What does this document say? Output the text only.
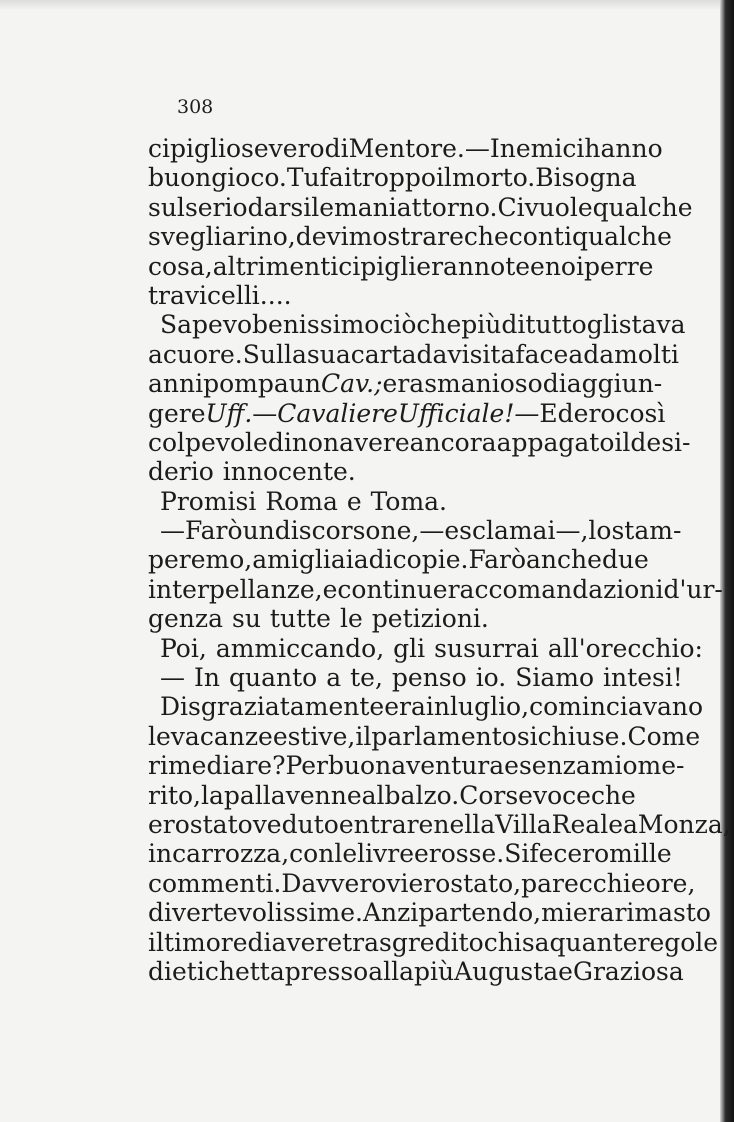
308
cipiglio severo di Mentore. — I nemici hanno
buon gioco. Tu fai troppo il morto. Bisogna
sul serio darsi le mani attorno. Ci vuole qualche
svegliarino, devi mostrare che conti qualche
cosa, altrimenti ci piglieranno te e noi per re
travicelli....
Sapevo benissimo ciò che più di tutto gli stava
a cuore. Sulla sua carta da visita facea da molti
anni pompa un Cav.; era smanioso di aggiun-
gere Uff. — Cavaliere Ufficiale! — Ed ero così
colpevole di non avere ancora appagato il desi-
derio innocente.
Promisi Roma e Toma.
— Farò un discorsone, — esclamai —, lo stam-
peremo, a migliaia di copie. Farò anche due
interpellanze, e continue raccomandazioni d'ur-
genza su tutte le petizioni.
Poi, ammiccando, gli susurrai all'orecchio:
— In quanto a te, penso io. Siamo intesi!
Disgraziatamente era in luglio, cominciavano
le vacanze estive, il parlamento si chiuse. Come
rimediare? Per buona ventura e senza mio me-
rito, la palla venne al balzo. Corse voce che
ero stato veduto entrare nella Villa Reale a Monza,
in carrozza, con le livree rosse. Si fecero mille
commenti. Davvero vi ero stato, parecchie ore,
divertevolissime. Anzi partendo, mi era rimasto
il timore di avere trasgredito chi sa quante regole
di etichetta presso alla più Augusta e Graziosa
